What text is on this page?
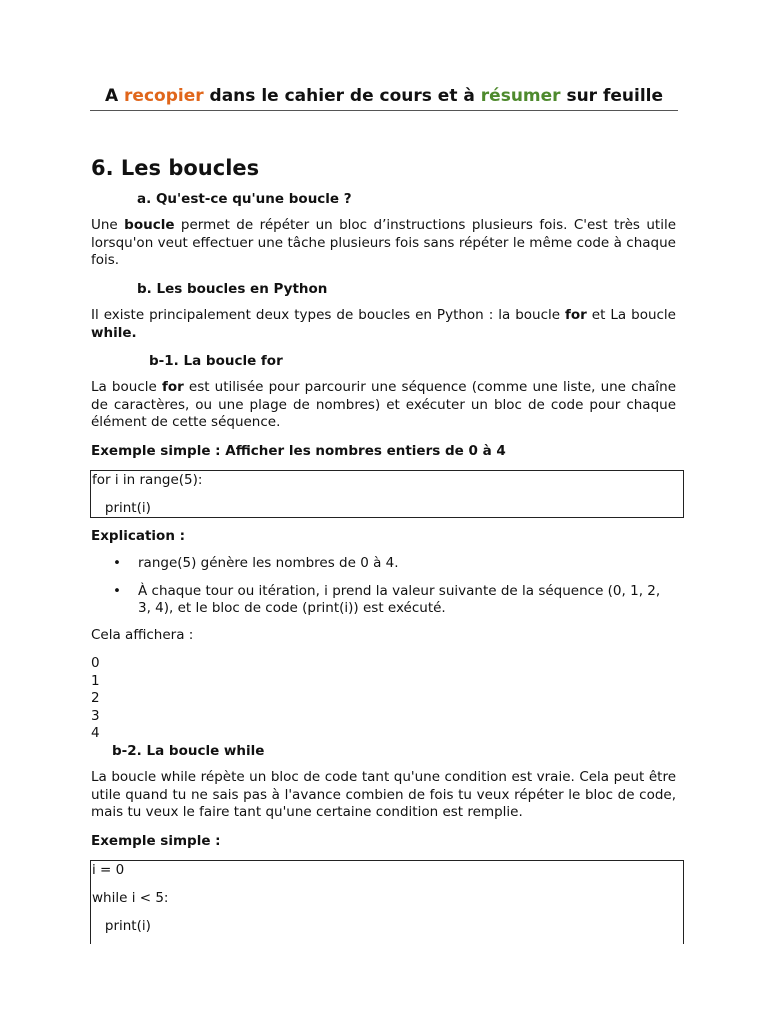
A recopier dans le cahier de cours et à résumer sur feuille
6. Les boucles
a. Qu'est-ce qu'une boucle ?
Une boucle permet de répéter un bloc d’instructions plusieurs fois. C'est très utile lorsqu'on veut effectuer une tâche plusieurs fois sans répéter le même code à chaque fois.
b. Les boucles en Python
Il existe principalement deux types de boucles en Python : la boucle for et La boucle while.
b-1. La boucle for
La boucle for est utilisée pour parcourir une séquence (comme une liste, une chaîne de caractères, ou une plage de nombres) et exécuter un bloc de code pour chaque élément de cette séquence.
Exemple simple : Afficher les nombres entiers de 0 à 4
for i in range(5):
print(i)
Explication :
• range(5) génère les nombres de 0 à 4.
• À chaque tour ou itération, i prend la valeur suivante de la séquence (0, 1, 2, 3, 4), et le bloc de code (print(i)) est exécuté.
Cela affichera :
0
1
2
3
4
b-2. La boucle while
La boucle while répète un bloc de code tant qu'une condition est vraie. Cela peut être utile quand tu ne sais pas à l'avance combien de fois tu veux répéter le bloc de code, mais tu veux le faire tant qu'une certaine condition est remplie.
Exemple simple :
i = 0
while i < 5:
print(i)
